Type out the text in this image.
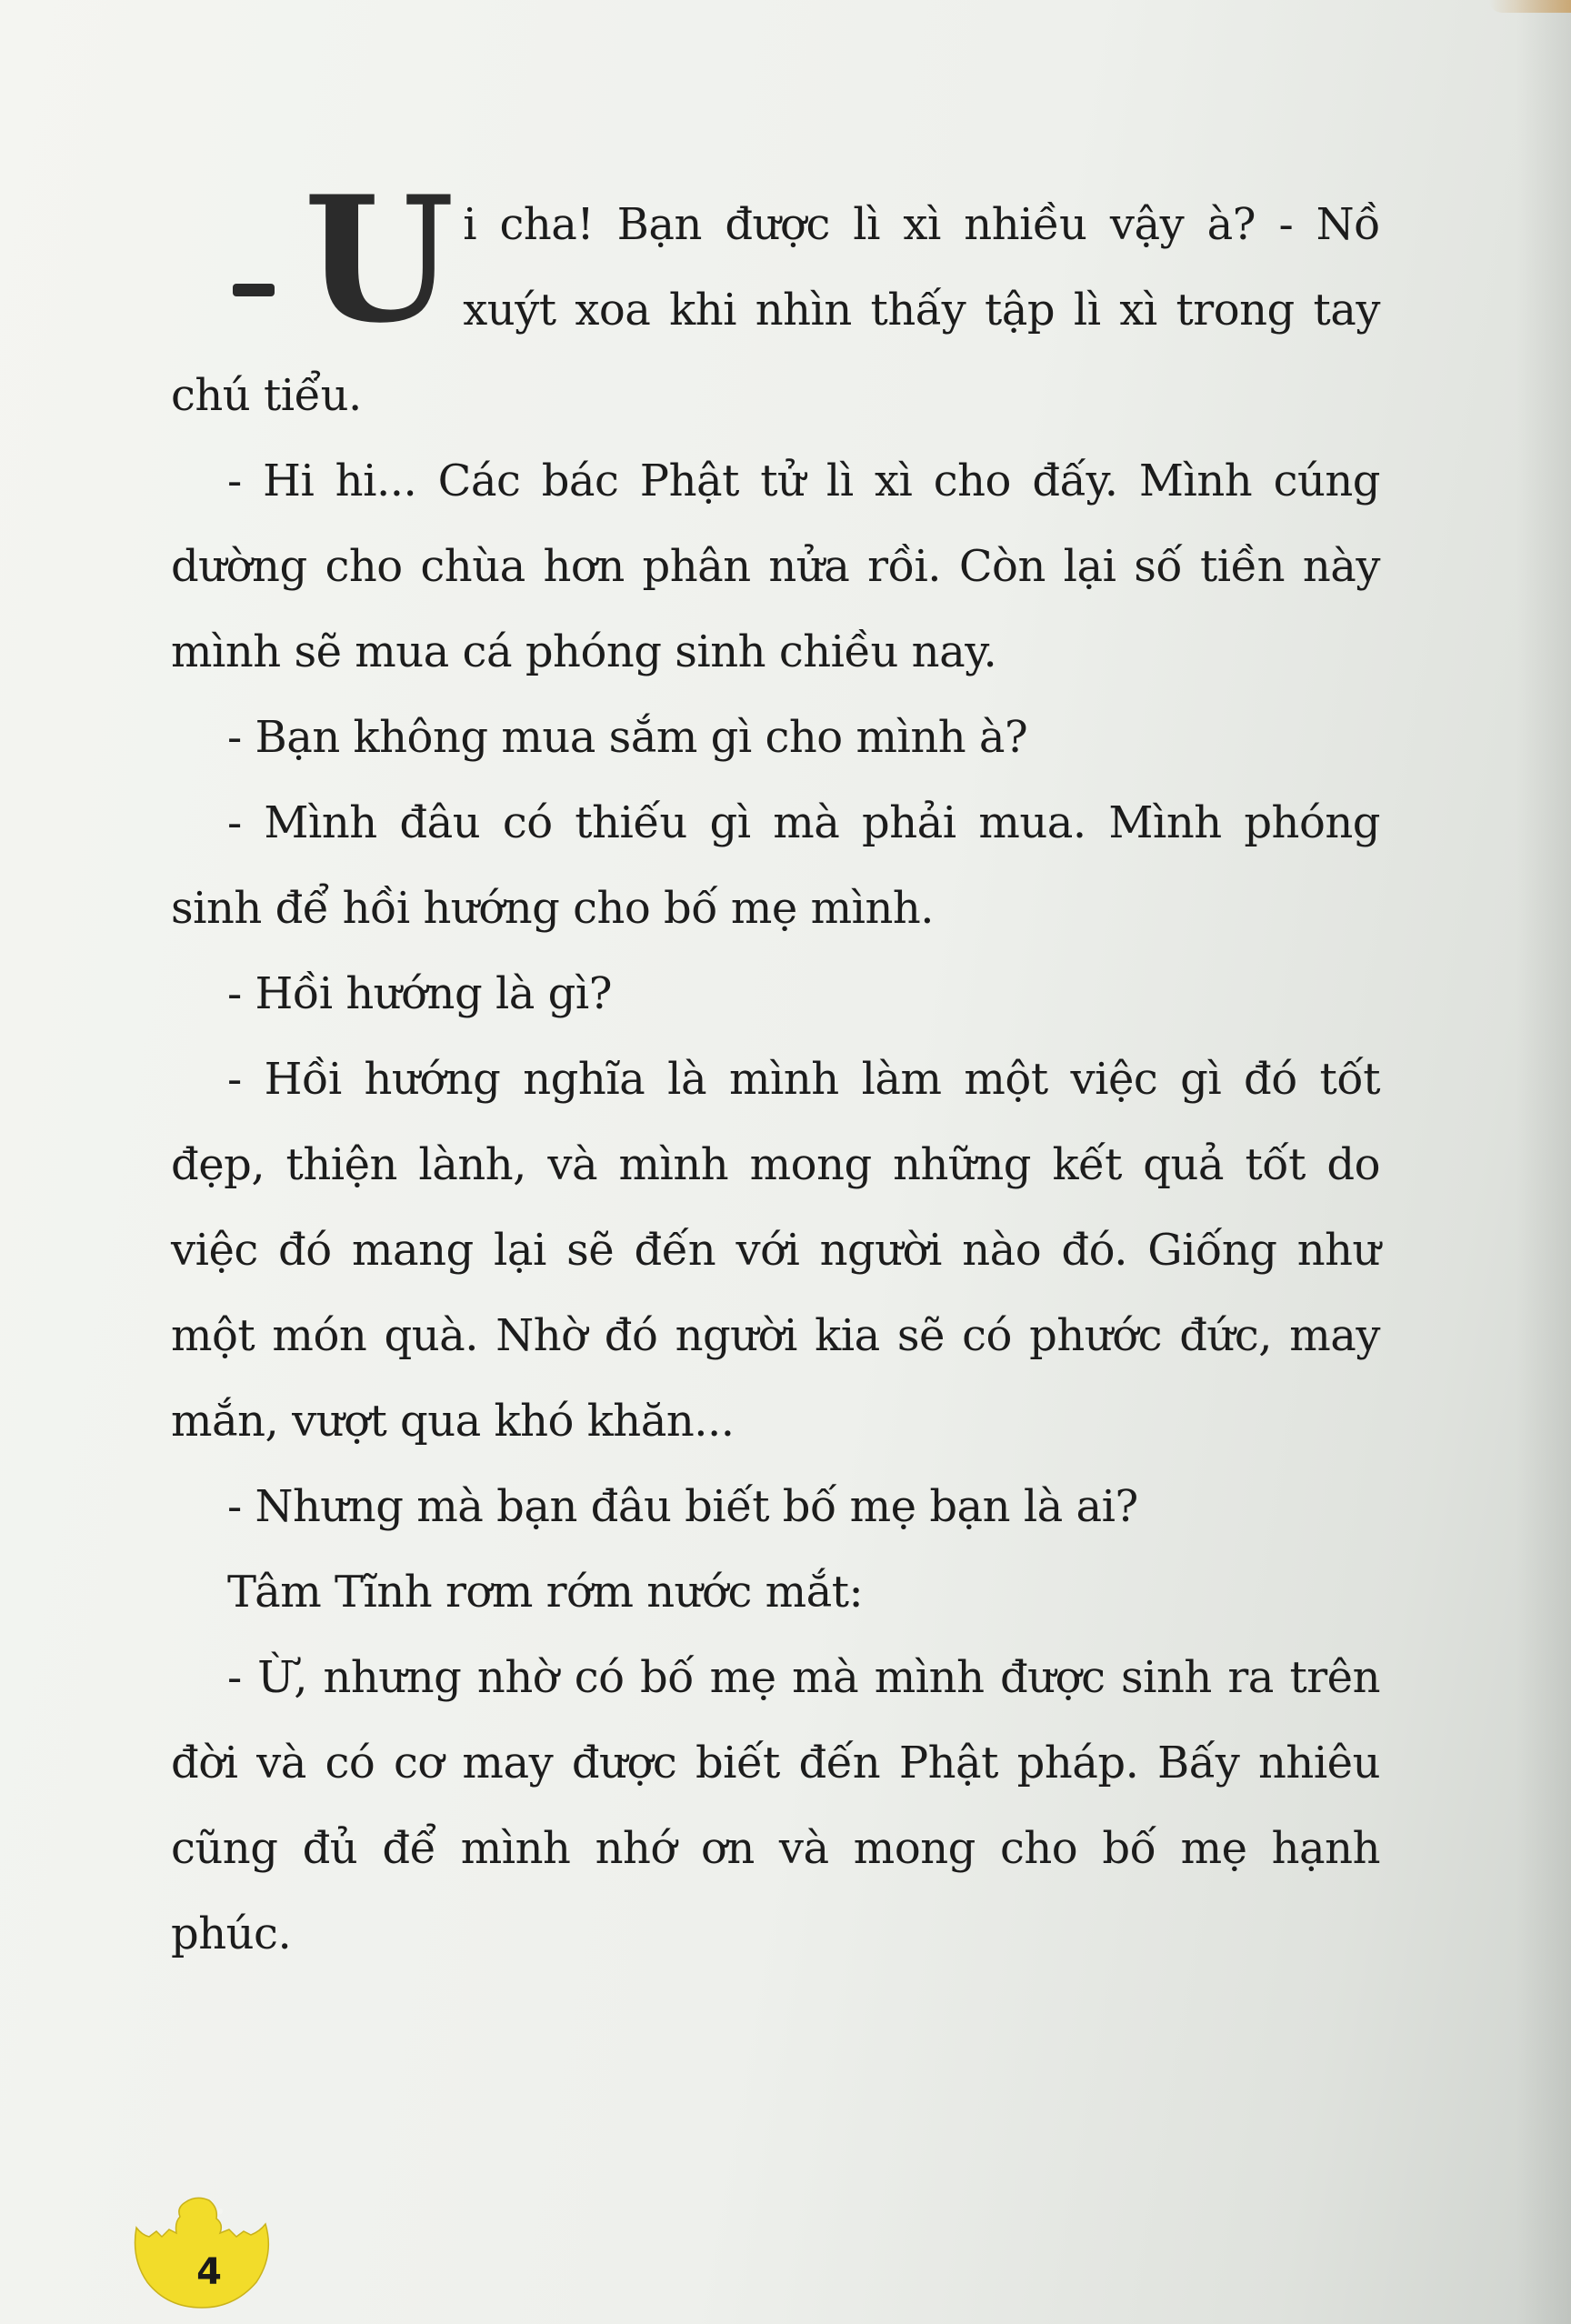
U i cha! Bạn được lì xì nhiều vậy à? - Nồ xuýt xoa khi nhìn thấy tập lì xì trong tay chú tiểu.

- Hi hi... Các bác Phật tử lì xì cho đấy. Mình cúng dường cho chùa hơn phân nửa rồi. Còn lại số tiền này mình sẽ mua cá phóng sinh chiều nay.

- Bạn không mua sắm gì cho mình à?

- Mình đâu có thiếu gì mà phải mua. Mình phóng sinh để hồi hướng cho bố mẹ mình.

- Hồi hướng là gì?

- Hồi hướng nghĩa là mình làm một việc gì đó tốt đẹp, thiện lành, và mình mong những kết quả tốt do việc đó mang lại sẽ đến với người nào đó. Giống như một món quà. Nhờ đó người kia sẽ có phước đức, may mắn, vượt qua khó khăn...

- Nhưng mà bạn đâu biết bố mẹ bạn là ai?

Tâm Tĩnh rơm rớm nước mắt:

- Ừ, nhưng nhờ có bố mẹ mà mình được sinh ra trên đời và có cơ may được biết đến Phật pháp. Bấy nhiêu cũng đủ để mình nhớ ơn và mong cho bố mẹ hạnh phúc.

4
